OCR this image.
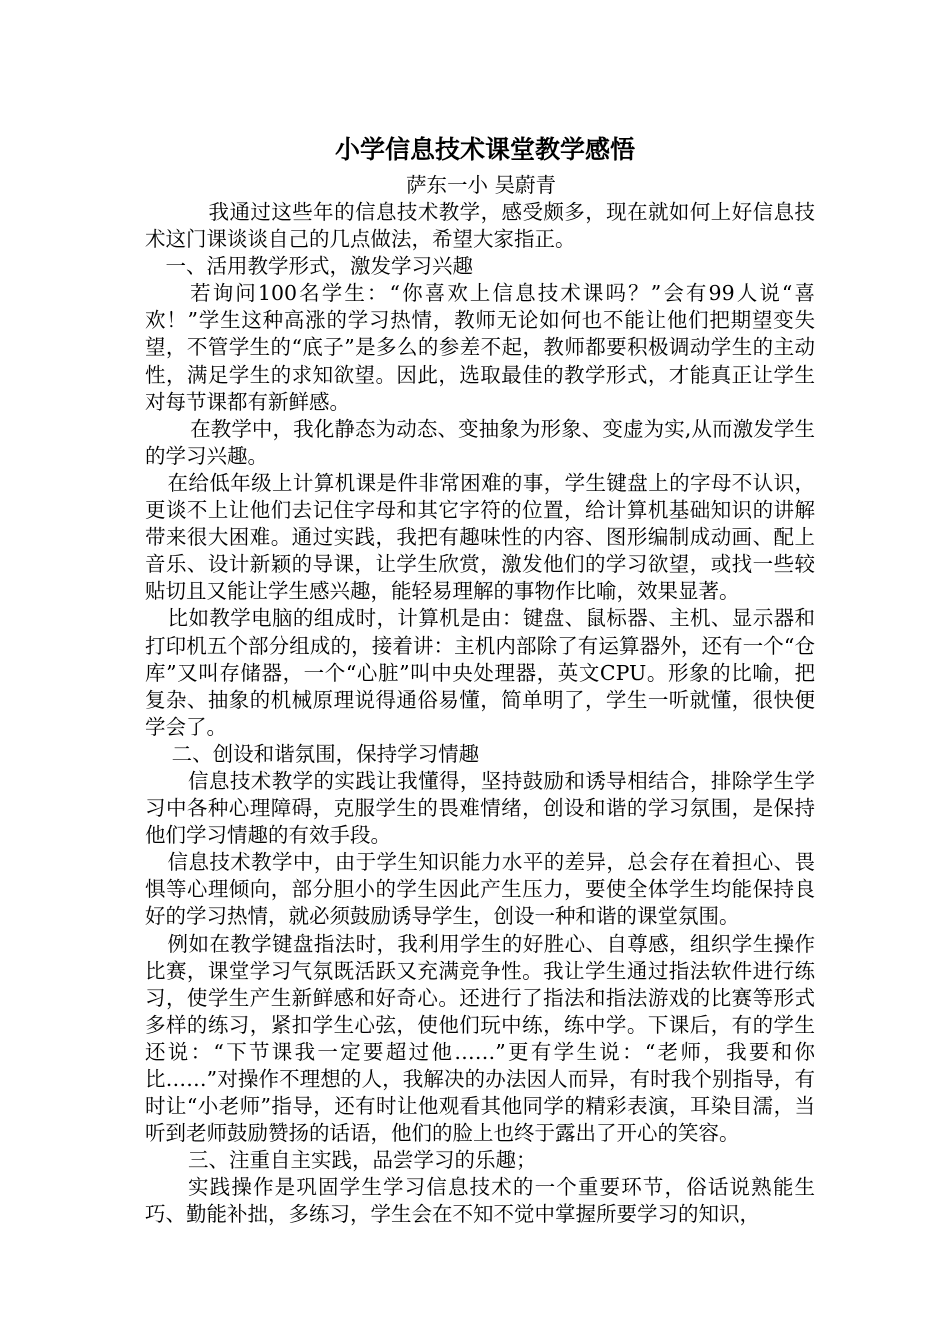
小学信息技术课堂教学感悟

萨东一小 吴蔚青

我通过这些年的信息技术教学，感受颇多，现在就如何上好信息技术这门课谈谈自己的几点做法，希望大家指正。

一、活用教学形式，激发学习兴趣

若询问100名学生：“你喜欢上信息技术课吗？”会有99人说“喜欢！”学生这种高涨的学习热情，教师无论如何也不能让他们把期望变失望，不管学生的“底子”是多么的参差不起，教师都要积极调动学生的主动性，满足学生的求知欲望。因此，选取最佳的教学形式，才能真正让学生对每节课都有新鲜感。

在教学中，我化静态为动态、变抽象为形象、变虚为实,从而激发学生的学习兴趣。

在给低年级上计算机课是件非常困难的事，学生键盘上的字母不认识，更谈不上让他们去记住字母和其它字符的位置，给计算机基础知识的讲解带来很大困难。通过实践，我把有趣味性的内容、图形编制成动画、配上音乐、设计新颖的导课，让学生欣赏，激发他们的学习欲望，或找一些较贴切且又能让学生感兴趣，能轻易理解的事物作比喻，效果显著。

比如教学电脑的组成时，计算机是由：键盘、鼠标器、主机、显示器和打印机五个部分组成的，接着讲：主机内部除了有运算器外，还有一个“仓库”又叫存储器，一个“心脏”叫中央处理器，英文CPU。形象的比喻，把复杂、抽象的机械原理说得通俗易懂，简单明了，学生一听就懂，很快便学会了。

二、创设和谐氛围，保持学习情趣

信息技术教学的实践让我懂得，坚持鼓励和诱导相结合，排除学生学习中各种心理障碍，克服学生的畏难情绪，创设和谐的学习氛围，是保持他们学习情趣的有效手段。

信息技术教学中，由于学生知识能力水平的差异，总会存在着担心、畏惧等心理倾向，部分胆小的学生因此产生压力，要使全体学生均能保持良好的学习热情，就必须鼓励诱导学生，创设一种和谐的课堂氛围。

例如在教学键盘指法时，我利用学生的好胜心、自尊感，组织学生操作比赛，课堂学习气氛既活跃又充满竞争性。我让学生通过指法软件进行练习，使学生产生新鲜感和好奇心。还进行了指法和指法游戏的比赛等形式多样的练习，紧扣学生心弦，使他们玩中练，练中学。下课后，有的学生还说：“下节课我一定要超过他……”更有学生说：“老师，我要和你比……”对操作不理想的人，我解决的办法因人而异，有时我个别指导，有时让“小老师”指导，还有时让他观看其他同学的精彩表演，耳染目濡，当听到老师鼓励赞扬的话语，他们的脸上也终于露出了开心的笑容。

三、注重自主实践，品尝学习的乐趣；

实践操作是巩固学生学习信息技术的一个重要环节，俗话说熟能生巧、勤能补拙，多练习，学生会在不知不觉中掌握所要学习的知识，
